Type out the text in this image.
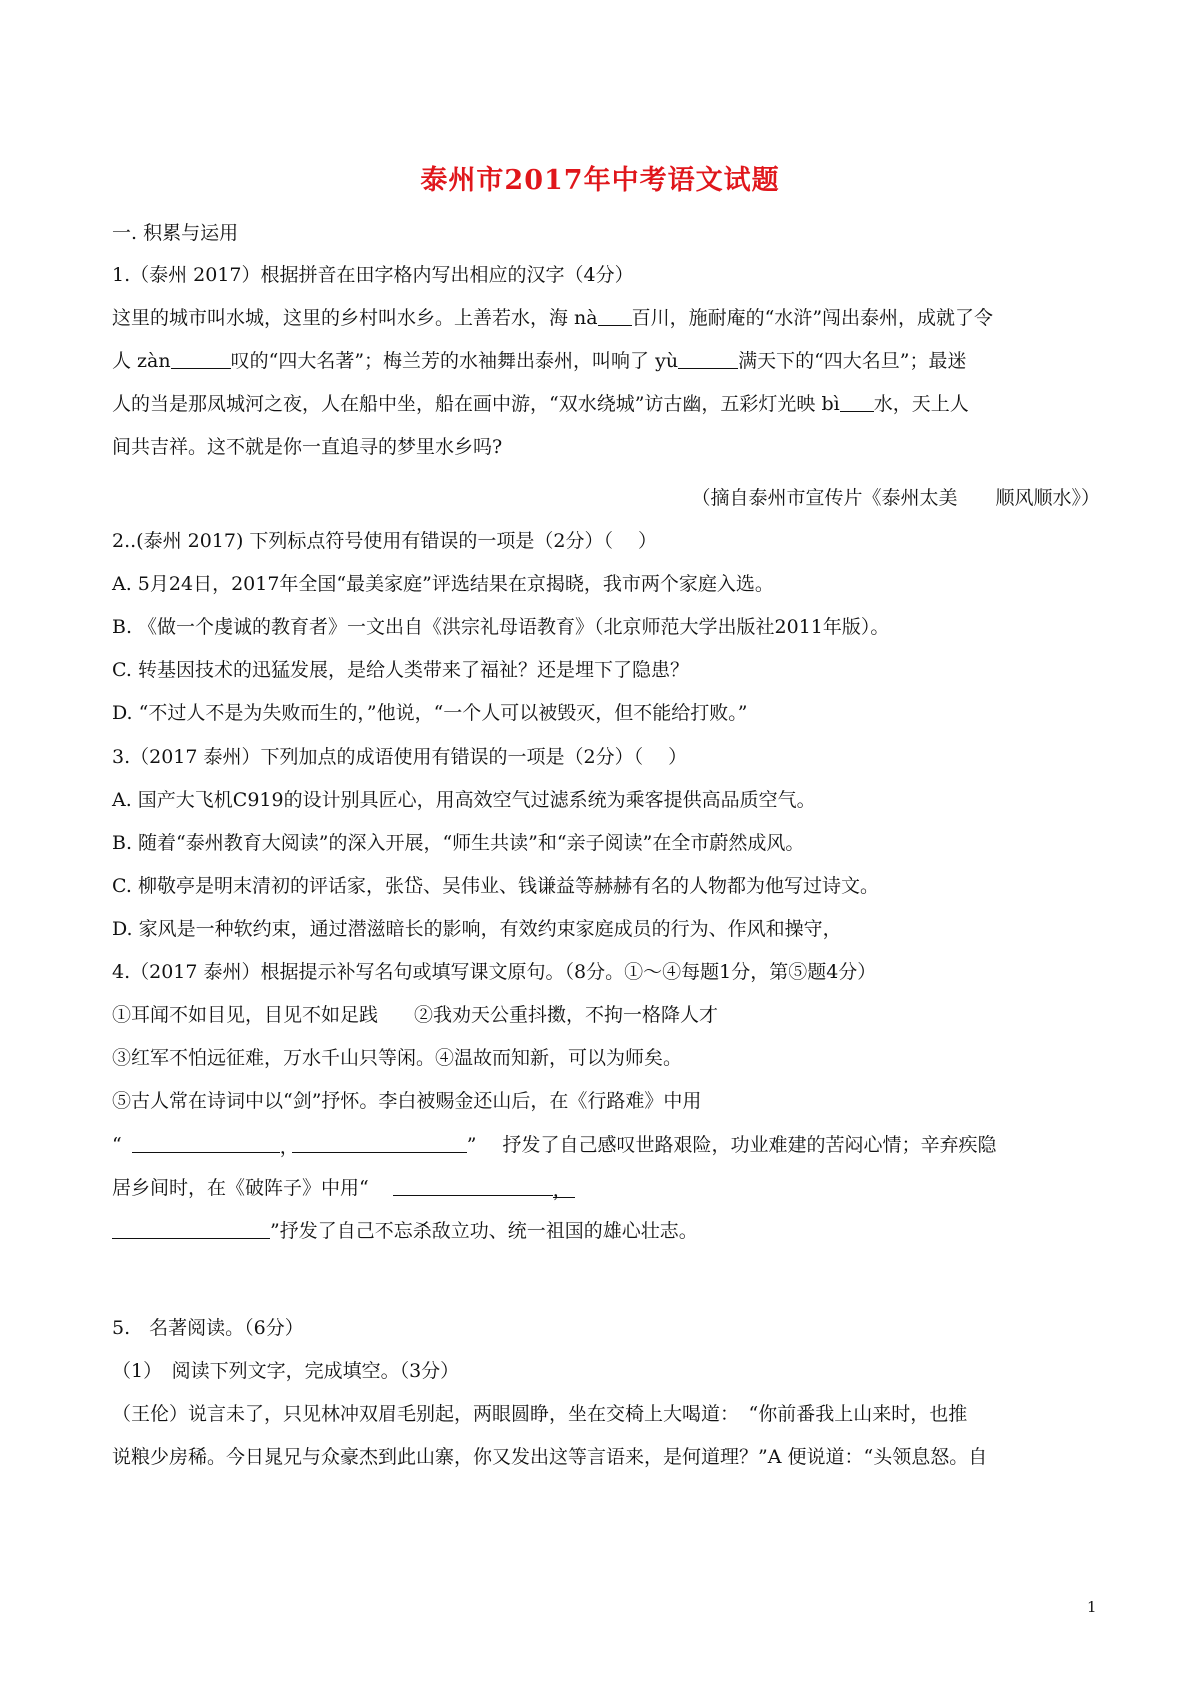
泰州市2017年中考语文试题
一. 积累与运用
1.（泰州 2017）根据拼音在田字格内写出相应的汉字（4分）
这里的城市叫水城，这里的乡村叫水乡。上善若水，海 nà 百川，施耐庵的“水浒”闯出泰州，成就了令
人 zàn	叹的“四大名著”；梅兰芳的水袖舞出泰州，叫响了 yù	满天下的“四大名旦”；最迷
人的当是那凤城河之夜，人在船中坐，船在画中游，“双水绕城”访古幽，五彩灯光映 bì 水，天上人
间共吉祥。这不就是你一直追寻的梦里水乡吗?
（摘自泰州市宣传片《泰州太美　　顺风顺水》）
2..(泰州 2017) 下列标点符号使用有错误的一项是（2分）（　 ）
A. 5月24日，2017年全国“最美家庭”评选结果在京揭晓，我市两个家庭入选。
B. 《做一个虔诚的教育者》一文出自《洪宗礼母语教育》（北京师范大学出版社2011年版）。
C. 转基因技术的迅猛发展，是给人类带来了福祉？还是埋下了隐患？
D. “不过人不是为失败而生的，”他说，“一个人可以被毁灭，但不能给打败。”
3.（2017 泰州）下列加点的成语使用有错误的一项是（2分）（　 ）
A. 国产大飞机C919的设计别具匠心，用高效空气过滤系统为乘客提供高品质空气。
B. 随着“泰州教育大阅读”的深入开展，“师生共读”和“亲子阅读”在全市蔚然成风。
C. 柳敬亭是明末清初的评话家，张岱、吴伟业、钱谦益等赫赫有名的人物都为他写过诗文。
D. 家风是一种软约束，通过潜滋暗长的影响，有效约束家庭成员的行为、作风和操守，
4.（2017 泰州）根据提示补写名句或填写课文原句。（8分。①～④每题1分，第⑤题4分）
①耳闻不如目见，目见不如足践 ②我劝天公重抖擞，不拘一格降人才
③红军不怕远征难，万水千山只等闲。④温故而知新，可以为师矣。
⑤古人常在诗词中以“剑”抒怀。李白被赐金还山后，在《行路难》中用
“	，	” 抒发了自己感叹世路艰险，功业难建的苦闷心情；辛弃疾隐
居乡间时，在《破阵子》中用“	，
”抒发了自己不忘杀敌立功、统一祖国的雄心壮志。
5.　名著阅读。（6分）
（1）　阅读下列文字，完成填空。（3分）
（王伦）说言未了，只见林冲双眉毛别起，两眼圆睁，坐在交椅上大喝道：　“你前番我上山来时，也推
说粮少房稀。今日晁兄与众豪杰到此山寨，你又发出这等言语来，是何道理？”A 便说道：“头领息怒。自
1
